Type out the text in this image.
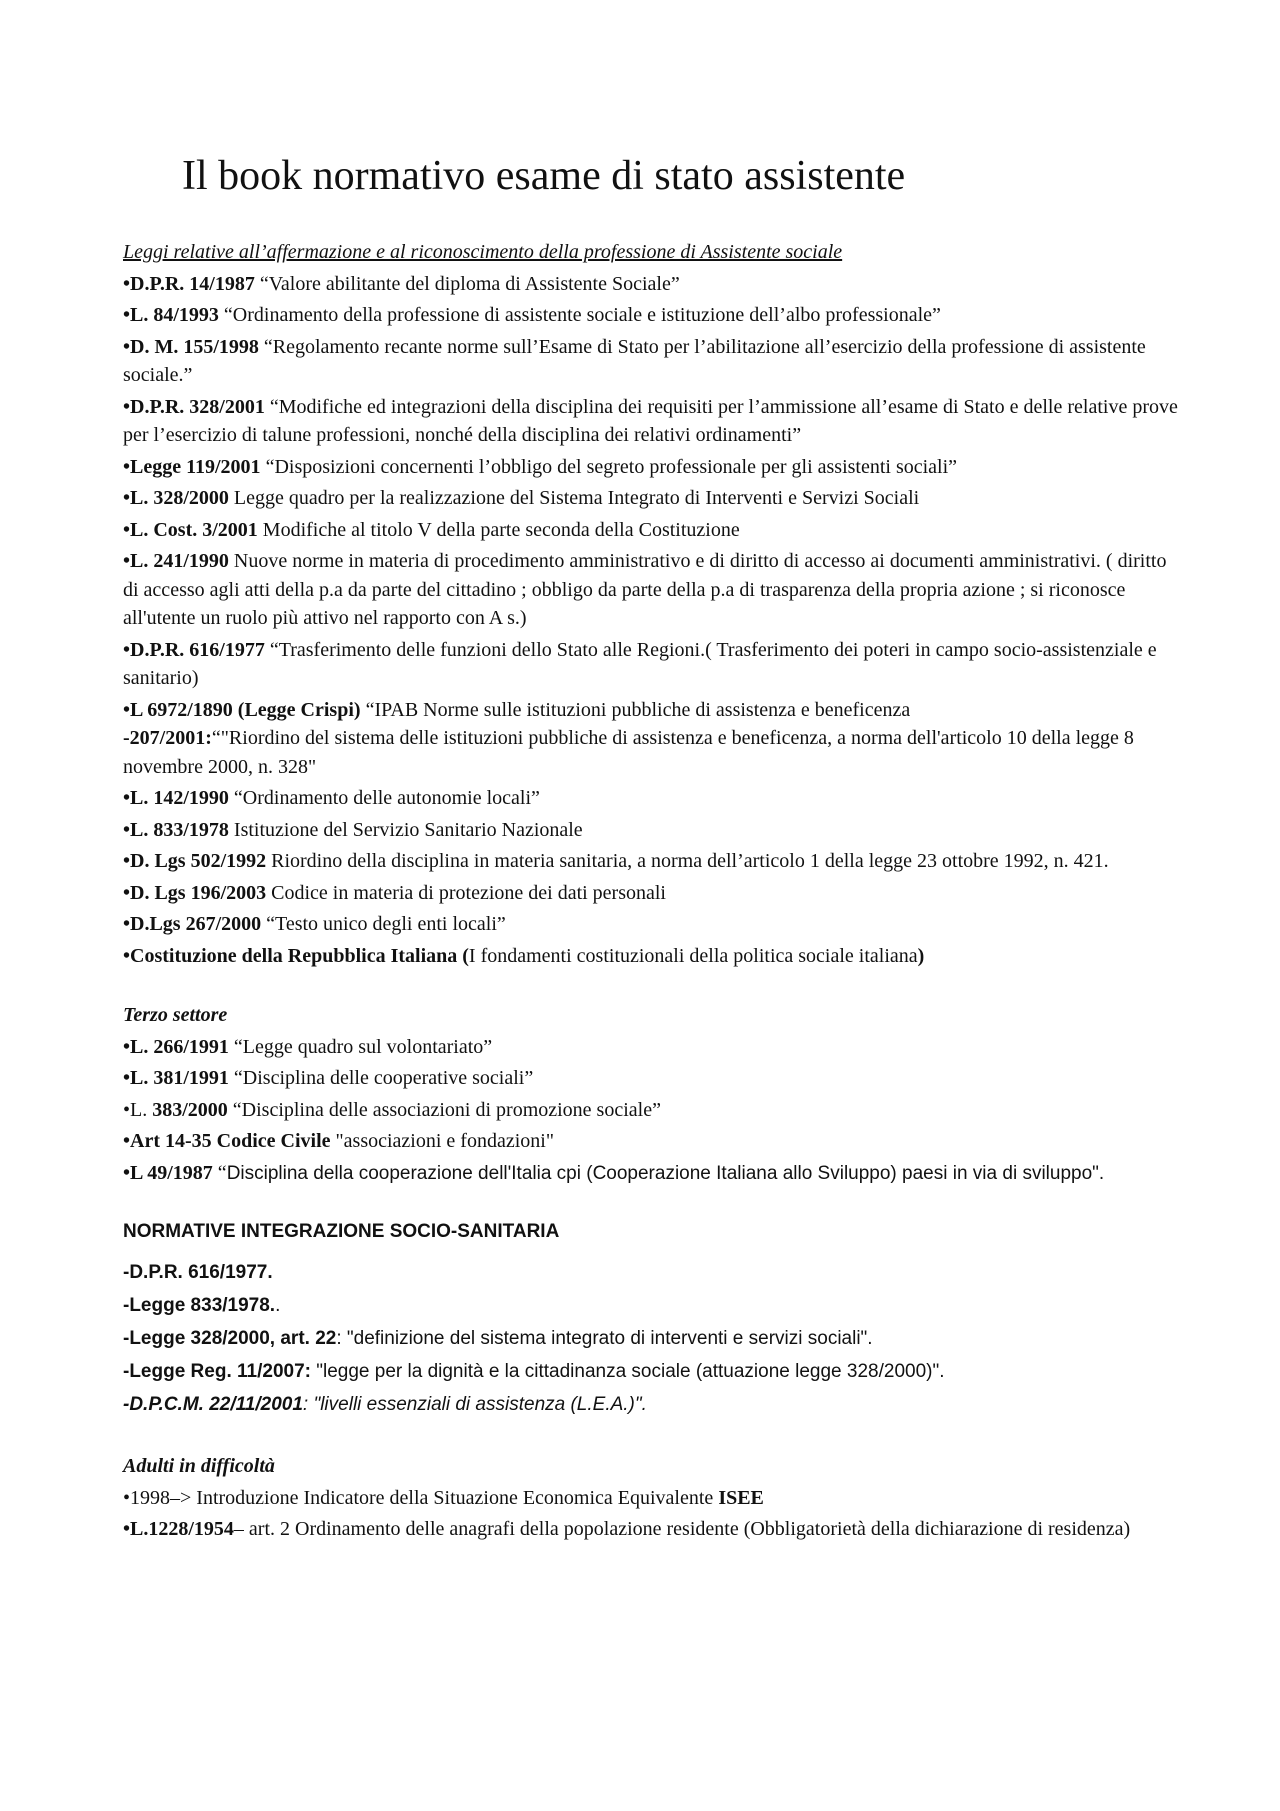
Il book normativo esame di stato assistente

Leggi relative all’affermazione e al riconoscimento della professione di Assistente sociale

•D.P.R. 14/1987 “Valore abilitante del diploma di Assistente Sociale”

•L. 84/1993 “Ordinamento della professione di assistente sociale e istituzione dell’albo professionale”

•D. M. 155/1998 “Regolamento recante norme sull’Esame di Stato per l’abilitazione all’esercizio della professione di assistente sociale.”

•D.P.R. 328/2001 “Modifiche ed integrazioni della disciplina dei requisiti per l’ammissione all’esame di Stato e delle relative prove per l’esercizio di talune professioni, nonché della disciplina dei relativi ordinamenti”

•Legge 119/2001 “Disposizioni concernenti l’obbligo del segreto professionale per gli assistenti sociali”

•L. 328/2000 Legge quadro per la realizzazione del Sistema Integrato di Interventi e Servizi Sociali

•L. Cost. 3/2001 Modifiche al titolo V della parte seconda della Costituzione

•L. 241/1990 Nuove norme in materia di procedimento amministrativo e di diritto di accesso ai documenti amministrativi. ( diritto di accesso agli atti della p.a da parte del cittadino ; obbligo da parte della p.a di trasparenza della propria azione ; si riconosce all'utente un ruolo più attivo nel rapporto con A s.)

•D.P.R. 616/1977 “Trasferimento delle funzioni dello Stato alle Regioni.( Trasferimento dei poteri in campo socio-assistenziale e sanitario)

•L 6972/1890 (Legge Crispi) “IPAB Norme sulle istituzioni pubbliche di assistenza e beneficenza
-207/2001:“"Riordino del sistema delle istituzioni pubbliche di assistenza e beneficenza, a norma dell'articolo 10 della legge 8 novembre 2000, n. 328"

•L. 142/1990 “Ordinamento delle autonomie locali”

•L. 833/1978 Istituzione del Servizio Sanitario Nazionale

•D. Lgs 502/1992 Riordino della disciplina in materia sanitaria, a norma dell’articolo 1 della legge 23 ottobre 1992, n. 421.

•D. Lgs 196/2003 Codice in materia di protezione dei dati personali

•D.Lgs 267/2000 “Testo unico degli enti locali”

•Costituzione della Repubblica Italiana (I fondamenti costituzionali della politica sociale italiana)

Terzo settore

•L. 266/1991 “Legge quadro sul volontariato”

•L. 381/1991 “Disciplina delle cooperative sociali”

•L. 383/2000 “Disciplina delle associazioni di promozione sociale”

•Art 14-35 Codice Civile "associazioni e fondazioni"

•L 49/1987 “Disciplina della cooperazione dell'Italia cpi (Cooperazione Italiana allo Sviluppo) paesi in via di sviluppo".

NORMATIVE INTEGRAZIONE SOCIO-SANITARIA

-D.P.R. 616/1977.

-Legge 833/1978..

-Legge 328/2000, art. 22: "definizione del sistema integrato di interventi e servizi sociali".

-Legge Reg. 11/2007: "legge per la dignità e la cittadinanza sociale (attuazione legge 328/2000)".

-D.P.C.M. 22/11/2001: "livelli essenziali di assistenza (L.E.A.)".

Adulti in difficoltà

•1998–> Introduzione Indicatore della Situazione Economica Equivalente ISEE

•L.1228/1954– art. 2 Ordinamento delle anagrafi della popolazione residente (Obbligatorietà della dichiarazione di residenza)
